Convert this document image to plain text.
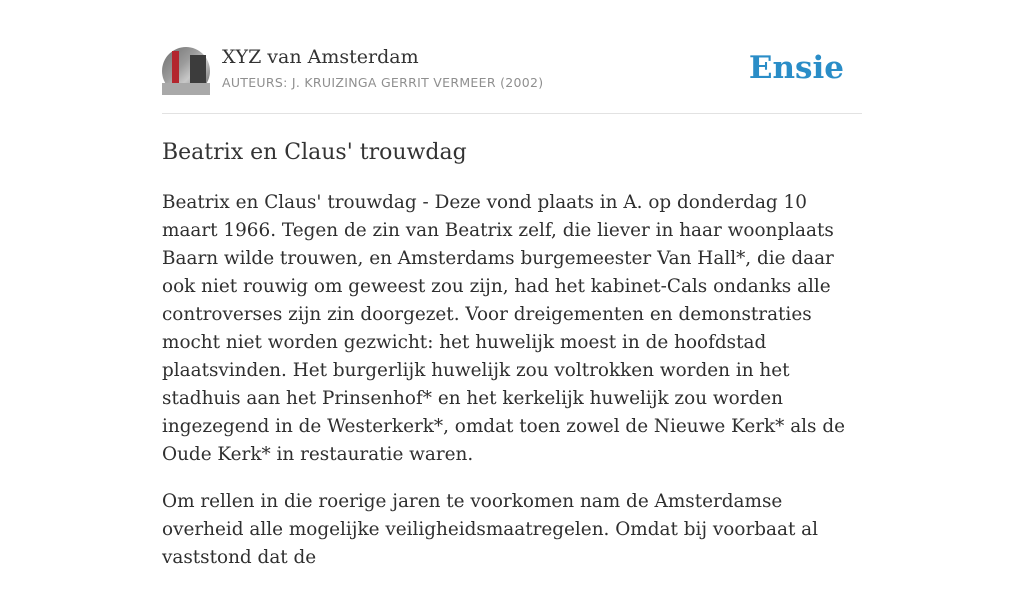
XYZ van Amsterdam
AUTEURS: J. KRUIZINGA GERRIT VERMEER (2002)	Ensie
Beatrix en Claus' trouwdag

Beatrix en Claus' trouwdag - Deze vond plaats in A. op donderdag 10 maart 1966. Tegen de zin van Beatrix zelf, die liever in haar woonplaats Baarn wilde trouwen, en Amsterdams burgemeester Van Hall*, die daar ook niet rouwig om geweest zou zijn, had het kabinet-Cals ondanks alle controverses zijn zin doorgezet. Voor dreigementen en demonstraties mocht niet worden gezwicht: het huwelijk moest in de hoofdstad plaatsvinden. Het burgerlijk huwelijk zou voltrokken worden in het stadhuis aan het Prinsenhof* en het kerkelijk huwelijk zou worden ingezegend in de Westerkerk*, omdat toen zowel de Nieuwe Kerk* als de Oude Kerk* in restauratie waren.

Om rellen in die roerige jaren te voorkomen nam de Amsterdamse overheid alle mogelijke veiligheidsmaatregelen. Omdat bij voorbaat al vaststond dat de
